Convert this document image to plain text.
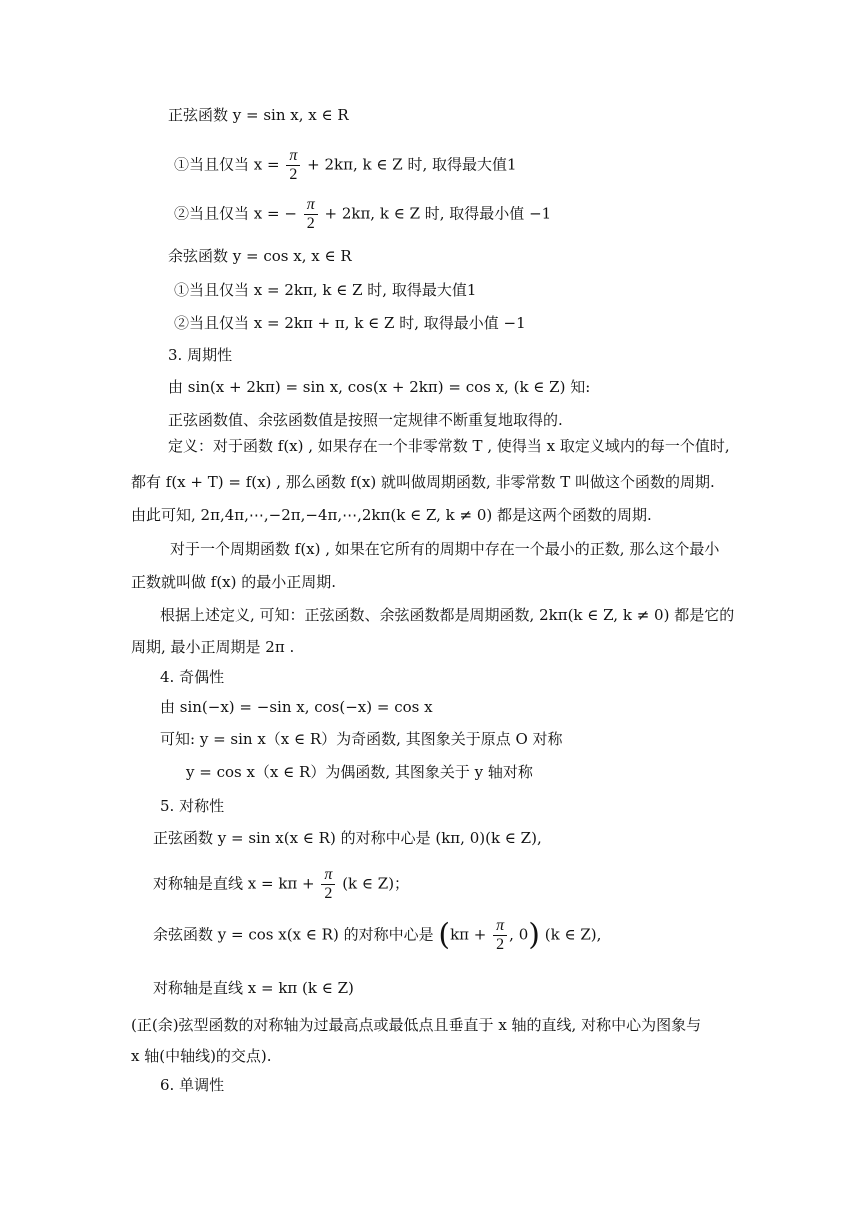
正弦函数 y = sin x, x ∈ R
①当且仅当 $x = \frac{\pi}{2} + 2k\pi$, k ∈ Z 时, 取得最大值1
②当且仅当 x = − $\frac{\pi}{2} + 2k\pi$, k ∈ Z 时, 取得最小值 −1
余弦函数 y = cos x, x ∈ R
①当且仅当 x = 2kπ, k ∈ Z 时, 取得最大值1
②当且仅当 x = 2kπ + π, k ∈ Z 时, 取得最小值 −1
3. 周期性
由 sin(x + 2kπ) = sin x, cos(x + 2kπ) = cos x, (k ∈ Z) 知:
正弦函数值、余弦函数值是按照一定规律不断重复地取得的.
定义：对于函数 f(x) , 如果存在一个非零常数 T , 使得当 x 取定义域内的每一个值时,
都有 f(x + T) = f(x) , 那么函数 f(x) 就叫做周期函数, 非零常数 T 叫做这个函数的周期.
由此可知, 2π,4π,⋯,−2π,−4π,⋯,2kπ(k ∈ Z, k ≠ 0) 都是这两个函数的周期.
对于一个周期函数 f(x) , 如果在它所有的周期中存在一个最小的正数, 那么这个最小
正数就叫做 f(x) 的最小正周期.
根据上述定义, 可知：正弦函数、余弦函数都是周期函数, 2kπ(k ∈ Z, k ≠ 0) 都是它的
周期, 最小正周期是 2π .
4. 奇偶性
由 sin(−x) = −sin x, cos(−x) = cos x
可知: y = sin x（x ∈ R）为奇函数, 其图象关于原点 O 对称
y = cos x（x ∈ R）为偶函数, 其图象关于 y 轴对称
5. 对称性
正弦函数 y = sin x(x ∈ R) 的对称中心是 (kπ, 0)(k ∈ Z),
对称轴是直线 $x = k\pi + \frac{\pi}{2} (k$ ∈ Z)；
余弦函数 y = cos x(x ∈ R) 的对称中心是 ($k\pi + \frac{\pi}{2}$ , 0) (k ∈ Z),
对称轴是直线 x = kπ (k ∈ Z)
(正(余)弦型函数的对称轴为过最高点或最低点且垂直于 x 轴的直线, 对称中心为图象与
x 轴(中轴线)的交点).
6. 单调性
